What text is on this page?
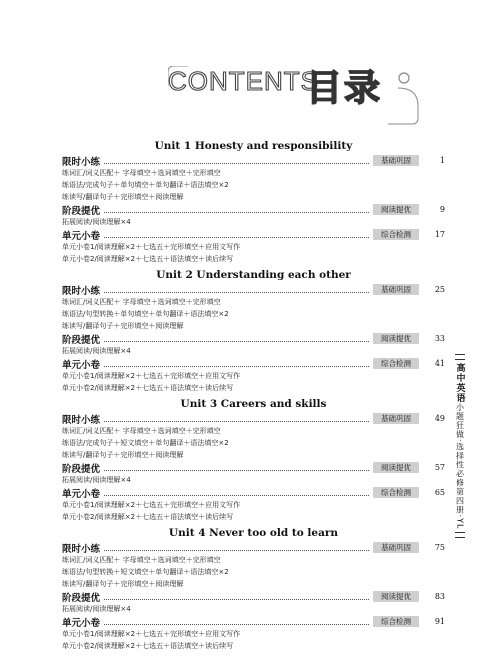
CONTENTS
目录
Unit 1 Honesty and responsibility
限时小练	基础巩固	1
练词汇/词义匹配＋ 字母填空＋选词填空＋完形填空
练语法/完成句子＋单句填空＋单句翻译＋语法填空×2
练读写/翻译句子＋完形填空＋阅读理解
阶段提优	阅读提优	9
拓展阅读/阅读理解×4
单元小卷	综合检测	17
单元小卷1/阅读理解×2＋七选五＋完形填空＋应用文写作
单元小卷2/阅读理解×2＋七选五＋语法填空＋读后续写
Unit 2 Understanding each other
限时小练	基础巩固	25
练词汇/词义匹配＋ 字母填空＋选词填空＋完形填空
练语法/句型转换＋单句填空＋单句翻译＋语法填空×2
练读写/翻译句子＋完形填空＋阅读理解
阶段提优	阅读提优	33
拓展阅读/阅读理解×4
单元小卷	综合检测	41
单元小卷1/阅读理解×2＋七选五＋完形填空＋应用文写作
单元小卷2/阅读理解×2＋七选五＋语法填空＋读后续写
Unit 3 Careers and skills
限时小练	基础巩固	49
练词汇/词义匹配＋ 字母填空＋选词填空＋完形填空
练语法/完成句子＋短文填空＋单句翻译＋语法填空×2
练读写/翻译句子＋完形填空＋阅读理解
阶段提优	阅读提优	57
拓展阅读/阅读理解×4
单元小卷	综合检测	65
单元小卷1/阅读理解×2＋七选五＋完形填空＋应用文写作
单元小卷2/阅读理解×2＋七选五＋语法填空＋读后续写
Unit 4 Never too old to learn
限时小练	基础巩固	75
练词汇/词义匹配＋ 字母填空＋选词填空＋完形填空
练语法/句型转换＋短文填空＋单句翻译＋语法填空×2
练读写/翻译句子＋完形填空＋阅读理解
阶段提优	阅读提优	83
拓展阅读/阅读理解×4
单元小卷	综合检测	91
单元小卷1/阅读理解×2＋七选五＋完形填空＋应用文写作
单元小卷2/阅读理解×2＋七选五＋语法填空＋读后续写
高中英语
小题狂做·选择性必修第四册·YL
